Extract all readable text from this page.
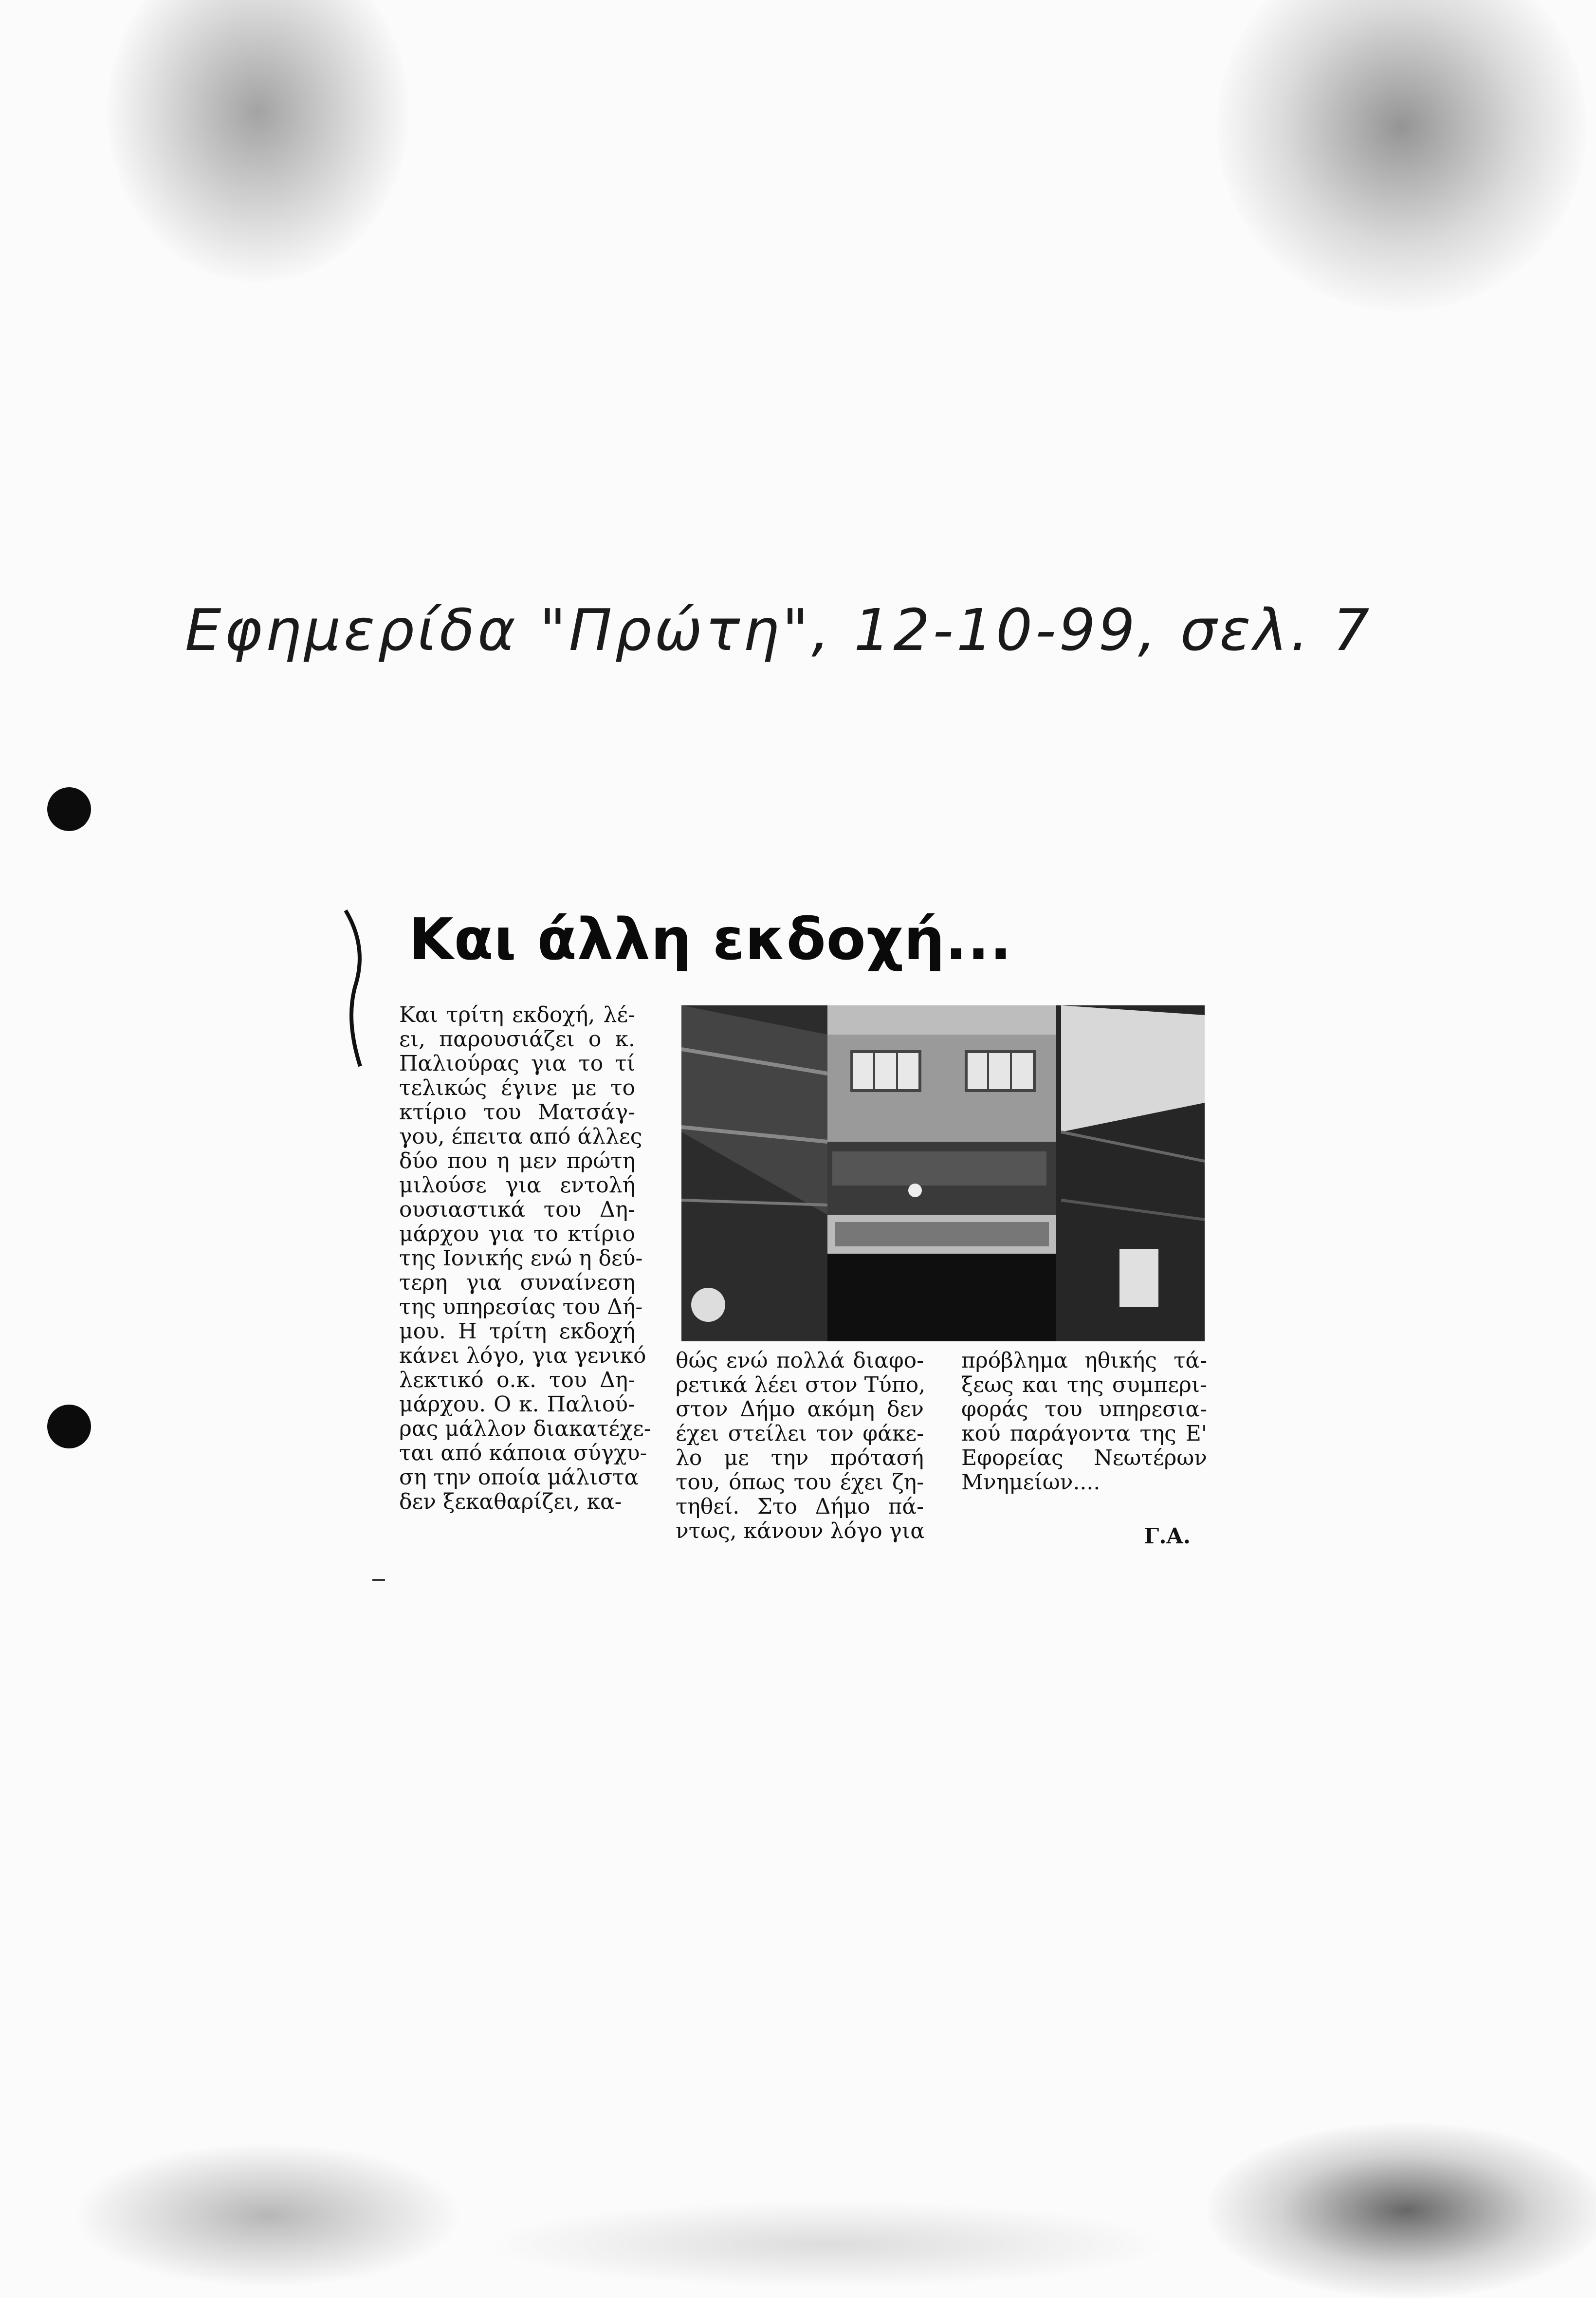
Εφημερίδα "Πρώτη", 12-10-99, σελ. 7
Και άλλη εκδοχή...
Και τρίτη εκδοχή, λέ-
ει, παρουσιάζει ο κ.
Παλιούρας για το τί
τελικώς έγινε με το
κτίριο του Ματσάγ-
γου, έπειτα από άλλες
δύο που η μεν πρώτη
μιλούσε για εντολή
ουσιαστικά του Δη-
μάρχου για το κτίριο
της Ιονικής ενώ η δεύ-
τερη για συναίνεση
της υπηρεσίας του Δή-
μου. Η τρίτη εκδοχή
κάνει λόγο, για γενικό
λεκτικό ο.κ. του Δη-
μάρχου. Ο κ. Παλιού-
ρας μάλλον διακατέχε-
ται από κάποια σύγχυ-
ση την οποία μάλιστα
δεν ξεκαθαρίζει, κα-
θώς ενώ πολλά διαφο-
ρετικά λέει στον Τύπο,
στον Δήμο ακόμη δεν
έχει στείλει τον φάκε-
λο με την πρότασή
του, όπως του έχει ζη-
τηθεί. Στο Δήμο πά-
ντως, κάνουν λόγο για
πρόβλημα ηθικής τά-
ξεως και της συμπερι-
φοράς του υπηρεσια-
κού παράγοντα της Ε'
Εφορείας Νεωτέρων
Μνημείων....
Γ.Α.
